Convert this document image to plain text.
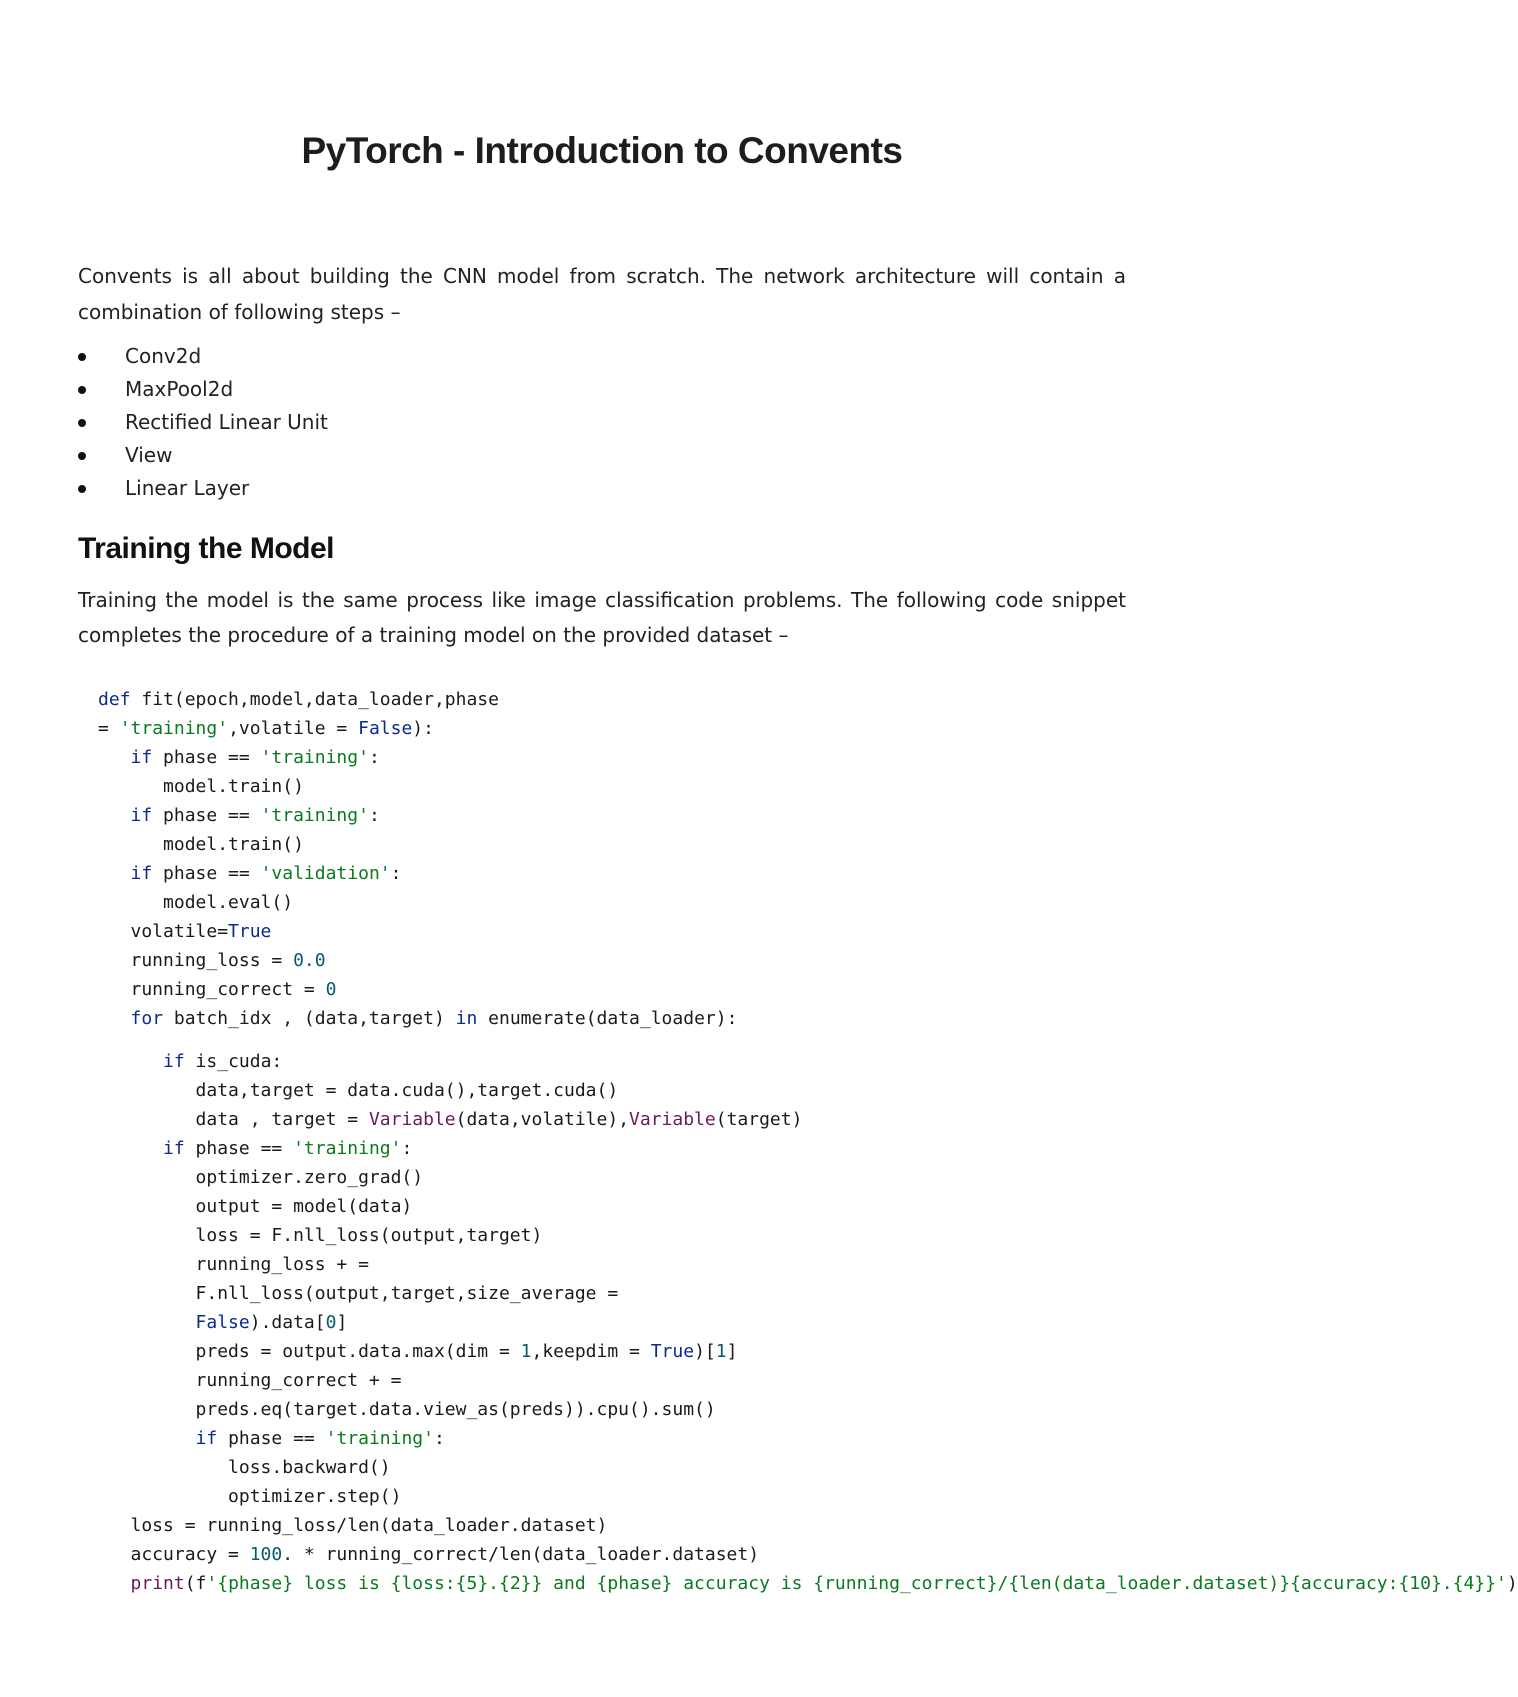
PyTorch - Introduction to Convents

Convents is all about building the CNN model from scratch. The network architecture will contain a combination of following steps –

Conv2d
MaxPool2d
Rectified Linear Unit
View
Linear Layer
Training the Model

Training the model is the same process like image classification problems. The following code snippet completes the procedure of a training model on the provided dataset –

def fit(epoch,model,data_loader,phase
= 'training',volatile = False):
if phase == 'training':
model.train()
if phase == 'training':
model.train()
if phase == 'validation':
model.eval()
volatile=True
running_loss = 0.0
running_correct = 0
for batch_idx , (data,target) in enumerate(data_loader):
if is_cuda:
data,target = data.cuda(),target.cuda()
data , target = Variable(data,volatile),Variable(target)
if phase == 'training':
optimizer.zero_grad()
output = model(data)
loss = F.nll_loss(output,target)
running_loss + =
F.nll_loss(output,target,size_average =
False).data[0]
preds = output.data.max(dim = 1,keepdim = True)[1]
running_correct + =
preds.eq(target.data.view_as(preds)).cpu().sum()
if phase == 'training':
loss.backward()
optimizer.step()
loss = running_loss/len(data_loader.dataset)
accuracy = 100. * running_correct/len(data_loader.dataset)
print(f'{phase} loss is {loss:{5}.{2}} and {phase} accuracy is {running_correct}/{len(data_loader.dataset)}{accuracy:{10}.{4}}')
